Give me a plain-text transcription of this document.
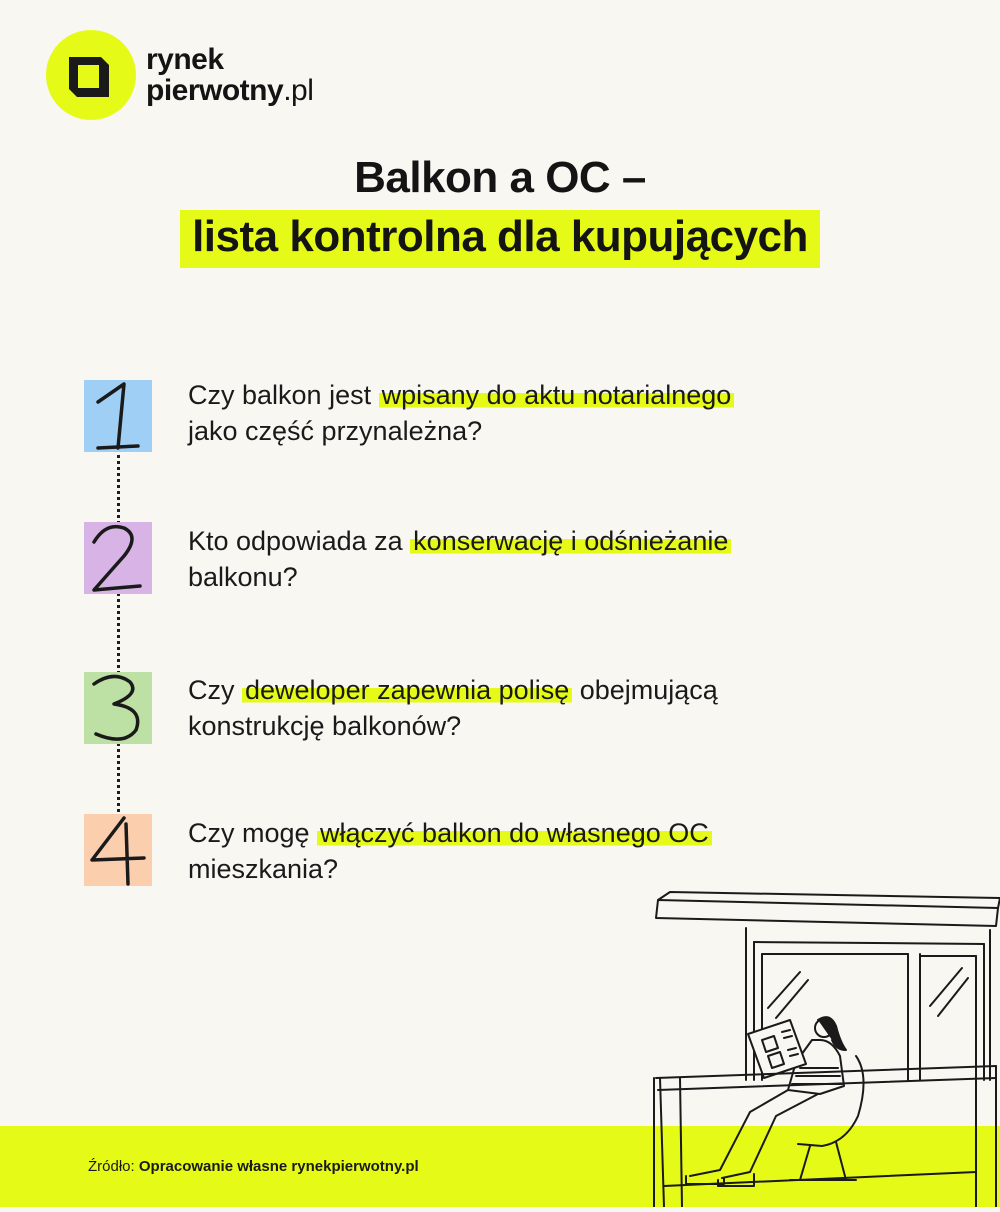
rynek
pierwotny.pl
Balkon a OC –
lista kontrolna dla kupujących
Czy balkon jest wpisany do aktu notarialnego
jako część przynależna?
Kto odpowiada za konserwację i odśnieżanie
balkonu?
Czy deweloper zapewnia polisę obejmującą
konstrukcję balkonów?
Czy mogę włączyć balkon do własnego OC
mieszkania?
Źródło: Opracowanie własne rynekpierwotny.pl
